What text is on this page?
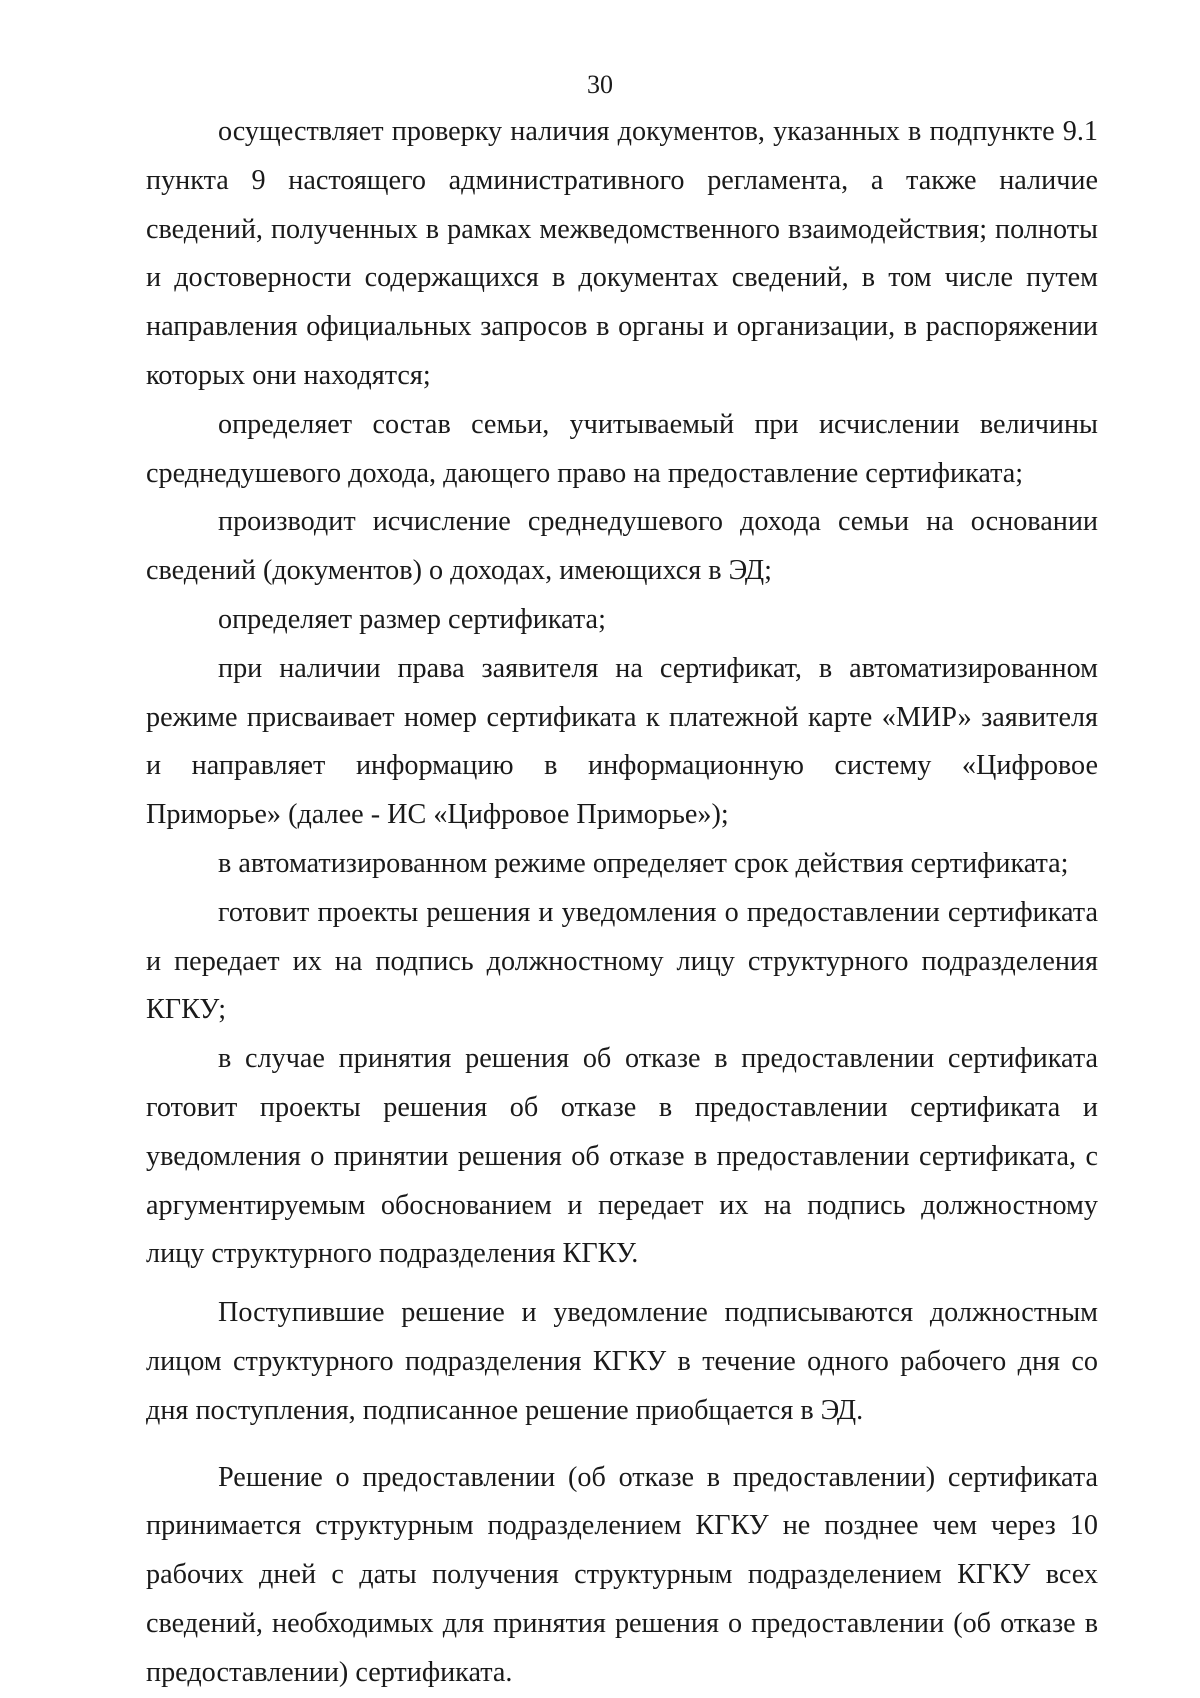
30

осуществляет проверку наличия документов, указанных в подпункте 9.1 пункта 9 настоящего административного регламента, а также наличие сведений, полученных в рамках межведомственного взаимодействия; полноты и достоверности содержащихся в документах сведений, в том числе путем направления официальных запросов в органы и организации, в распоряжении которых они находятся;

определяет состав семьи, учитываемый при исчислении величины среднедушевого дохода, дающего право на предоставление сертификата;

производит исчисление среднедушевого дохода семьи на основании сведений (документов) о доходах, имеющихся в ЭД;

определяет размер сертификата;

при наличии права заявителя на сертификат, в автоматизированном режиме присваивает номер сертификата к платежной карте «МИР» заявителя и направляет информацию в информационную систему «Цифровое Приморье» (далее - ИС «Цифровое Приморье»);

в автоматизированном режиме определяет срок действия сертификата;

готовит проекты решения и уведомления о предоставлении сертификата и передает их на подпись должностному лицу структурного подразделения КГКУ;

в случае принятия решения об отказе в предоставлении сертификата готовит проекты решения об отказе в предоставлении сертификата и уведомления о принятии решения об отказе в предоставлении сертификата, с аргументируемым обоснованием и передает их на подпись должностному лицу структурного подразделения КГКУ.

Поступившие решение и уведомление подписываются должностным лицом структурного подразделения КГКУ в течение одного рабочего дня со дня поступления, подписанное решение приобщается в ЭД.

Решение о предоставлении (об отказе в предоставлении) сертификата принимается структурным подразделением КГКУ не позднее чем через 10 рабочих дней с даты получения структурным подразделением КГКУ всех сведений, необходимых для принятия решения о предоставлении (об отказе в предоставлении) сертификата.
